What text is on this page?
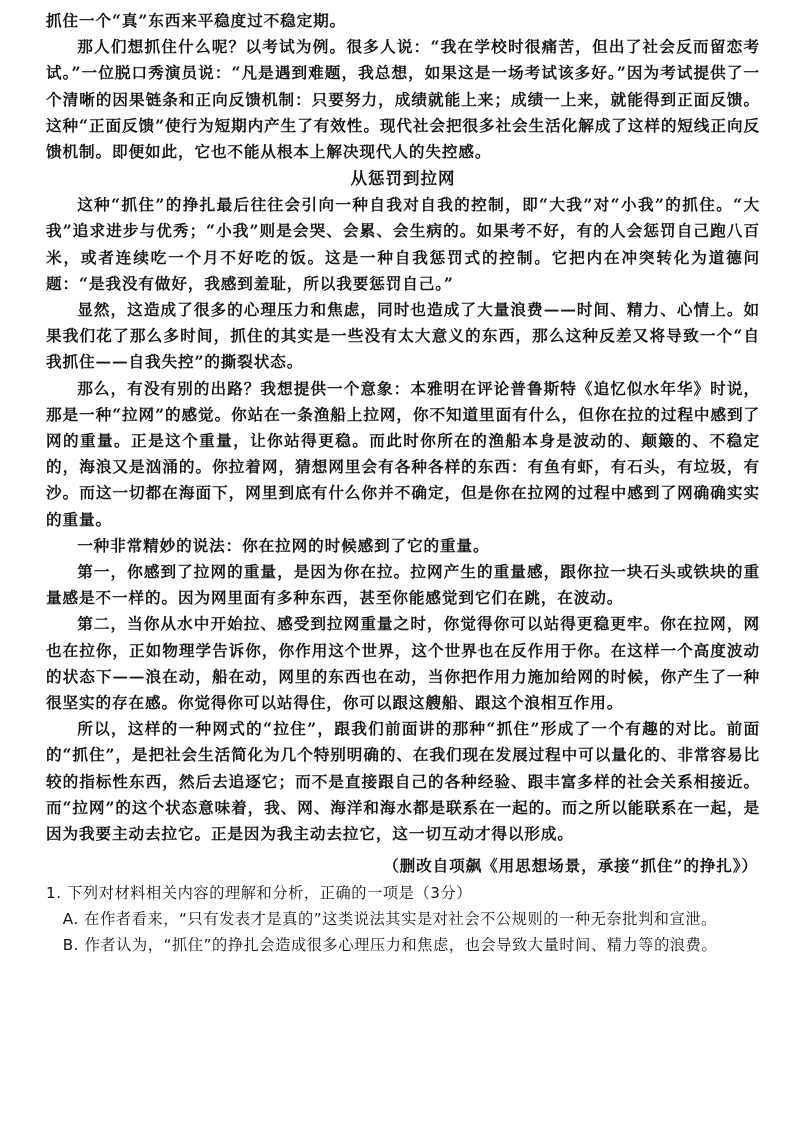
抓住一个“真”东西来平稳度过不稳定期。

那人们想抓住什么呢？以考试为例。很多人说：“我在学校时很痛苦，但出了社会反而留恋考试。”一位脱口秀演员说：“凡是遇到难题，我总想，如果这是一场考试该多好。”因为考试提供了一个清晰的因果链条和正向反馈机制：只要努力，成绩就能上来；成绩一上来，就能得到正面反馈。这种“正面反馈”使行为短期内产生了有效性。现代社会把很多社会生活化解成了这样的短线正向反馈机制。即便如此，它也不能从根本上解决现代人的失控感。

从惩罚到拉网

这种“抓住”的挣扎最后往往会引向一种自我对自我的控制，即“大我”对“小我”的抓住。“大我”追求进步与优秀；“小我”则是会哭、会累、会生病的。如果考不好，有的人会惩罚自己跑八百米，或者连续吃一个月不好吃的饭。这是一种自我惩罚式的控制。它把内在冲突转化为道德问题：“是我没有做好，我感到羞耻，所以我要惩罚自己。”

显然，这造成了很多的心理压力和焦虑，同时也造成了大量浪费——时间、精力、心情上。如果我们花了那么多时间，抓住的其实是一些没有太大意义的东西，那么这种反差又将导致一个“自我抓住——自我失控”的撕裂状态。

那么，有没有别的出路？我想提供一个意象：本雅明在评论普鲁斯特《追忆似水年华》时说，那是一种“拉网”的感觉。你站在一条渔船上拉网，你不知道里面有什么，但你在拉的过程中感到了网的重量。正是这个重量，让你站得更稳。而此时你所在的渔船本身是波动的、颠簸的、不稳定的，海浪又是汹涌的。你拉着网，猜想网里会有各种各样的东西：有鱼有虾，有石头，有垃圾，有沙。而这一切都在海面下，网里到底有什么你并不确定，但是你在拉网的过程中感到了网确确实实的重量。

一种非常精妙的说法：你在拉网的时候感到了它的重量。

第一，你感到了拉网的重量，是因为你在拉。拉网产生的重量感，跟你拉一块石头或铁块的重量感是不一样的。因为网里面有多种东西，甚至你能感觉到它们在跳，在波动。

第二，当你从水中开始拉、感受到拉网重量之时，你觉得你可以站得更稳更牢。你在拉网，网也在拉你，正如物理学告诉你，你作用这个世界，这个世界也在反作用于你。在这样一个高度波动的状态下——浪在动，船在动，网里的东西也在动，当你把作用力施加给网的时候，你产生了一种很坚实的存在感。你觉得你可以站得住，你可以跟这艘船、跟这个浪相互作用。

所以，这样的一种网式的“拉住”，跟我们前面讲的那种“抓住”形成了一个有趣的对比。前面的“抓住”，是把社会生活简化为几个特别明确的、在我们现在发展过程中可以量化的、非常容易比较的指标性东西，然后去追逐它；而不是直接跟自己的各种经验、跟丰富多样的社会关系相接近。而“拉网”的这个状态意味着，我、网、海洋和海水都是联系在一起的。而之所以能联系在一起，是因为我要主动去拉它。正是因为我主动去拉它，这一切互动才得以形成。

（删改自项飙《用思想场景，承接“抓住”的挣扎》）

1. 下列对材料相关内容的理解和分析，正确的一项是（3分）

A. 在作者看来，“只有发表才是真的”这类说法其实是对社会不公规则的一种无奈批判和宣泄。

B. 作者认为，“抓住”的挣扎会造成很多心理压力和焦虑，也会导致大量时间、精力等的浪费。
